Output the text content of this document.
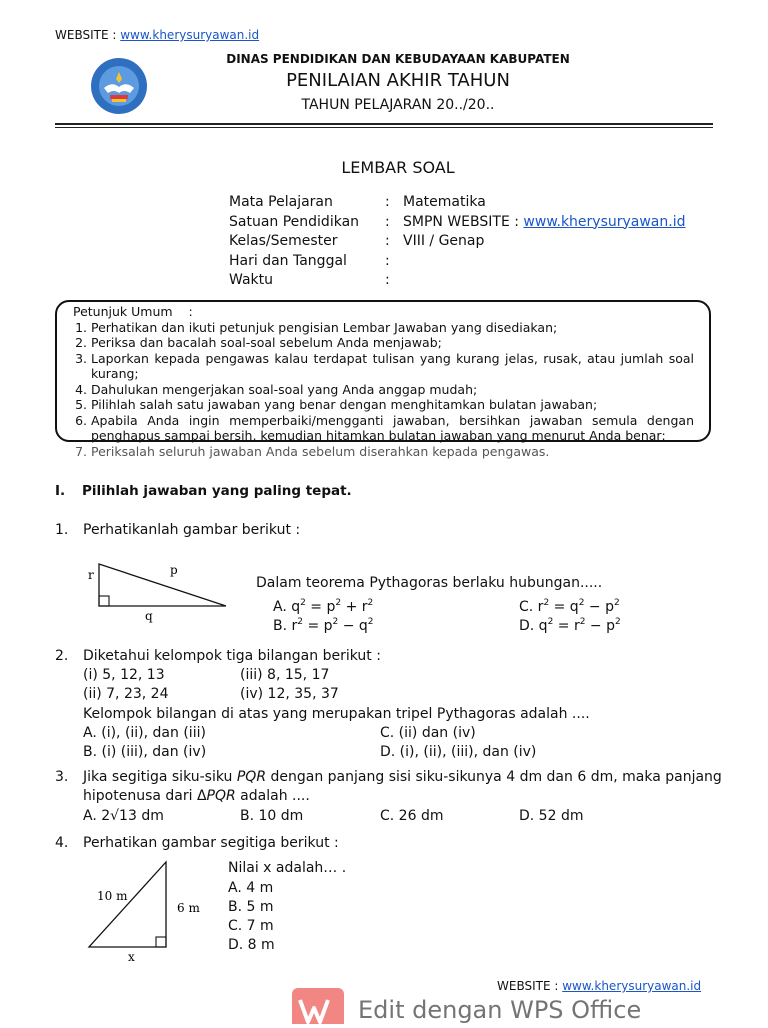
WEBSITE : www.kherysuryawan.id
DINAS PENDIDIKAN DAN KEBUDAYAAN KABUPATEN
PENILAIAN AKHIR TAHUN
TAHUN PELAJARAN 20../20..
LEMBAR SOAL
Mata Pelajaran	: Matematika
Satuan Pendidikan	: SMPN WEBSITE :
www.kherysuryawan.id
Kelas/Semester	: VIII / Genap
Hari dan Tanggal	:
Waktu	:
Petunjuk Umum :
1. Perhatikan dan ikuti petunjuk pengisian Lembar Jawaban yang disediakan;
2. Periksa dan bacalah soal-soal sebelum Anda menjawab;
3. Laporkan kepada pengawas kalau terdapat tulisan yang kurang jelas, rusak, atau jumlah soal kurang;
4. Dahulukan mengerjakan soal-soal yang Anda anggap mudah;
5. Pilihlah salah satu jawaban yang benar dengan menghitamkan bulatan jawaban;
6. Apabila Anda ingin memperbaiki/mengganti jawaban, bersihkan jawaban semula dengan penghapus sampai bersih, kemudian hitamkan bulatan jawaban yang menurut Anda benar;
7. Periksalah seluruh jawaban Anda sebelum diserahkan kepada pengawas.
I. Pilihlah jawaban yang paling tepat.
1. Perhatikanlah gambar berikut :
r	p
q
Dalam teorema Pythagoras berlaku hubungan.....
A. $q^2 = p^2 + r^2$
B. $r^2 = p^2 - q^2$
C. $r^2 = q^2 - p^2$
D. $q^2 = r^2 - p^2$
2. Diketahui kelompok tiga bilangan berikut :
(i) 5, 12, 13	(iii) 8, 15, 17
(ii) 7, 23, 24	(iv) 12, 35, 37
Kelompok bilangan di atas yang merupakan tripel Pythagoras adalah ....
A. (i), (ii), dan (iii)	C. (ii) dan (iv)
B. (i) (iii), dan (iv)	D. (i), (ii), (iii), dan (iv)
3. Jika segitiga siku-siku PQR dengan panjang sisi siku-sikunya 4 dm dan 6 dm, maka panjang
hipotenusa dari ΔPQR adalah ....
A. 2√13 dm	B. 10 dm	C. 26 dm	D. 52 dm
4. Perhatikan gambar segitiga berikut :
10 m
6 m
x
Nilai x adalah… .
A. 4 m
B. 5 m
C. 7 m
D. 8 m
WEBSITE : www.kherysuryawan.id
Edit dengan WPS Office
